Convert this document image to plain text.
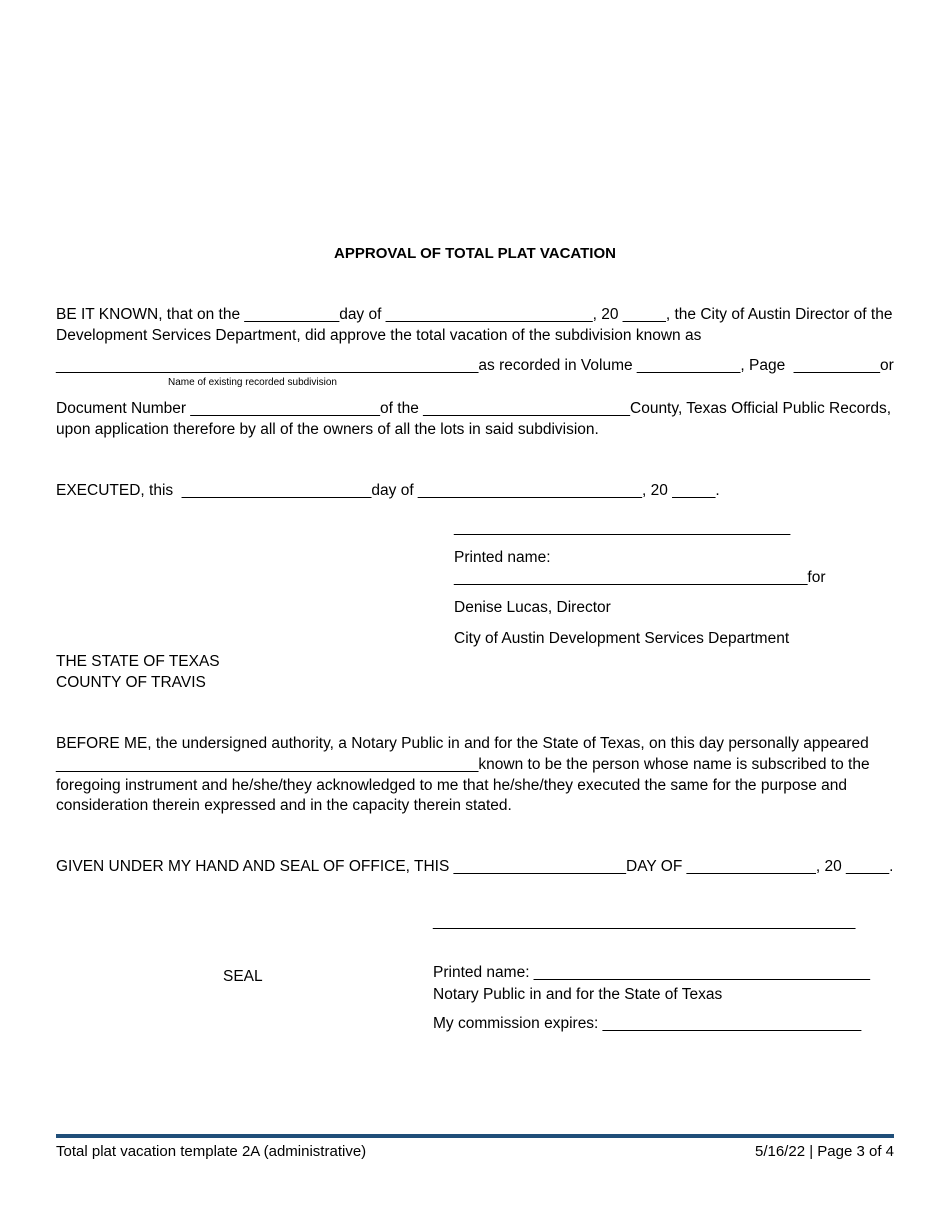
APPROVAL OF TOTAL PLAT VACATION
BE IT KNOWN, that on the ___________day of ________________________, 20 _____, the City of Austin Director of the
Development Services Department, did approve the total vacation of the subdivision known as
_________________________________________________as recorded in Volume ____________, Page  __________or
Name of existing recorded subdivision
Document Number ______________________of the ________________________County, Texas Official Public Records,
upon application therefore by all of the owners of all the lots in said subdivision.
EXECUTED, this  ______________________day of __________________________, 20 _____.
_______________________________________
Printed name:
_________________________________________for
Denise Lucas, Director
City of Austin Development Services Department
THE STATE OF TEXAS
COUNTY OF TRAVIS
BEFORE ME, the undersigned authority, a Notary Public in and for the State of Texas, on this day personally appeared
_________________________________________________known to be the person whose name is subscribed to the
foregoing instrument and he/she/they acknowledged to me that he/she/they executed the same for the purpose and
consideration therein expressed and in the capacity therein stated.
GIVEN UNDER MY HAND AND SEAL OF OFFICE, THIS ____________________DAY OF _______________, 20 _____.
_________________________________________________
SEAL	Printed name: _______________________________________
Notary Public in and for the State of Texas
My commission expires: ______________________________
Total plat vacation template 2A (administrative)	5/16/22 | Page 3 of 4
